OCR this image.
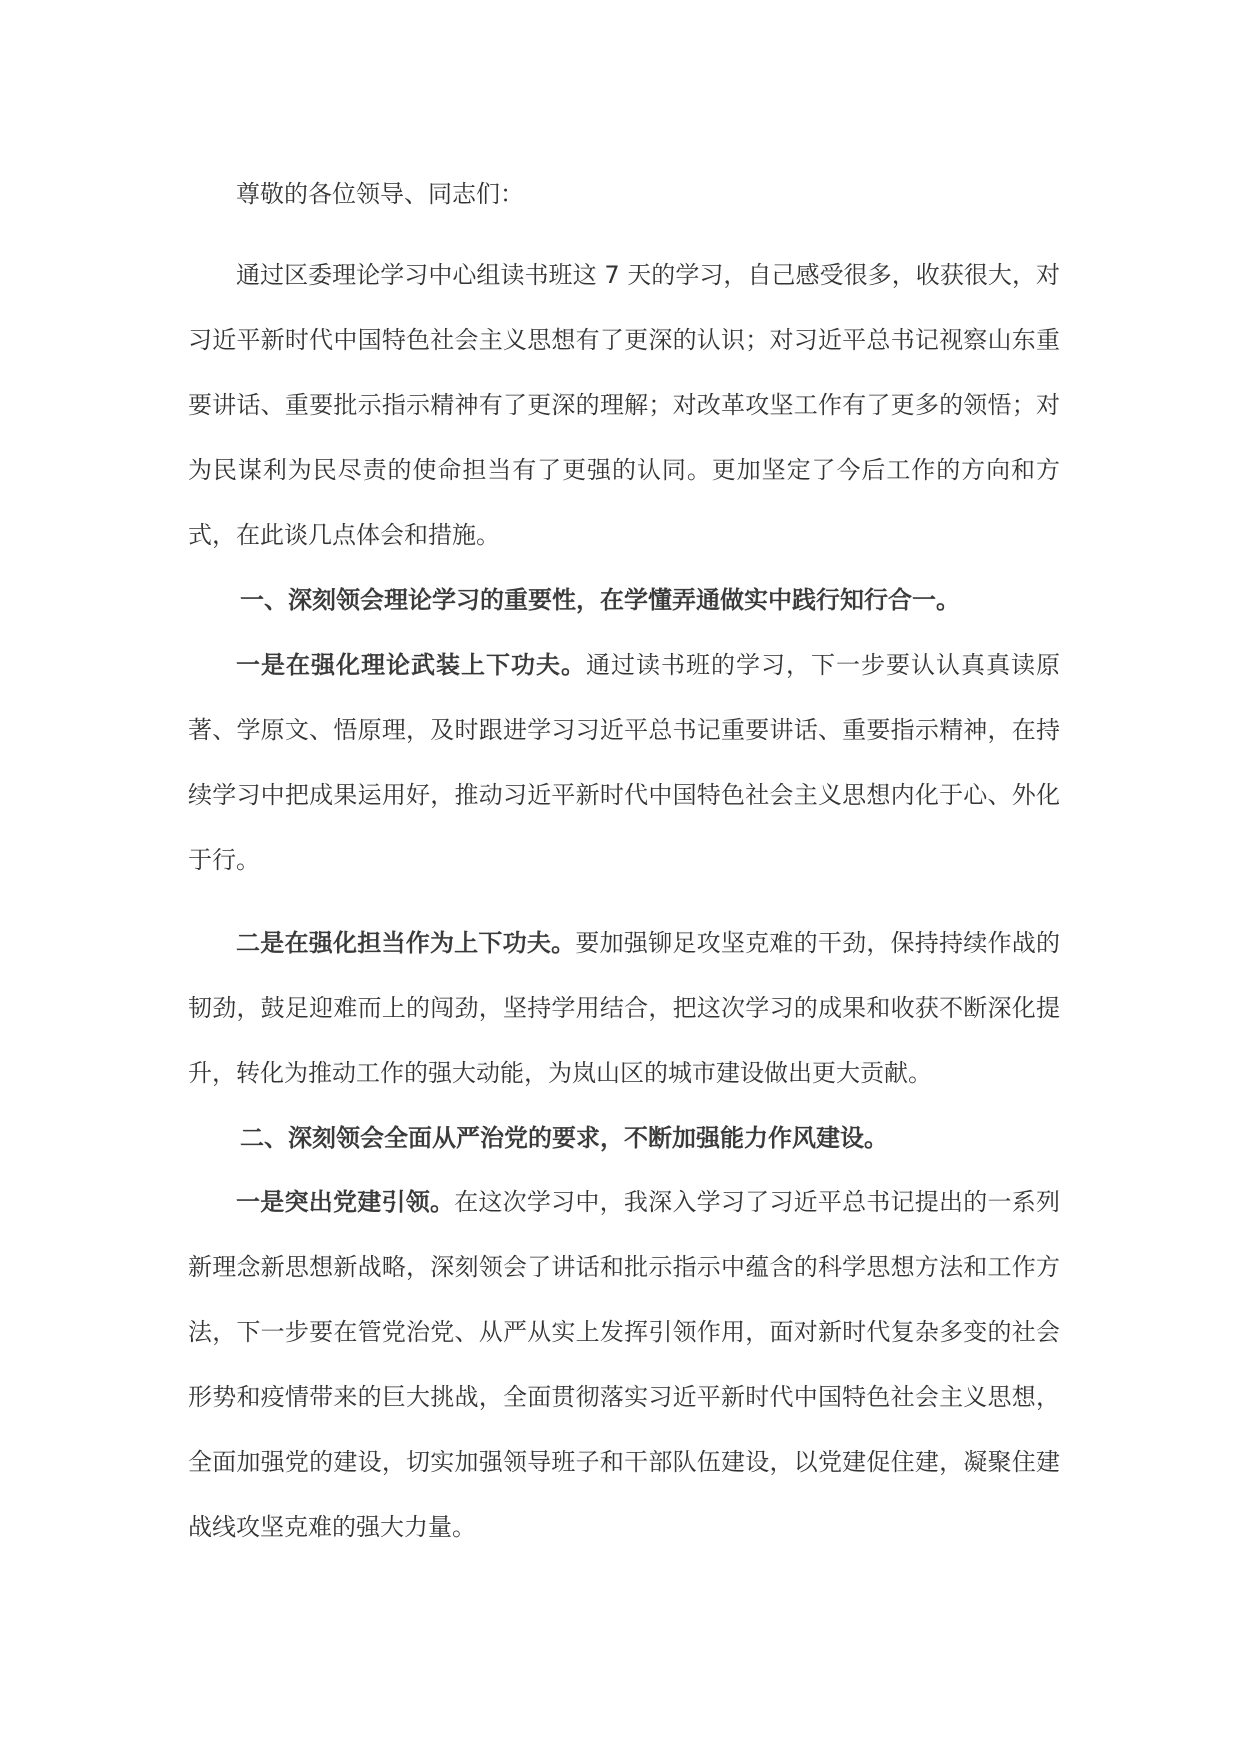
尊敬的各位领导、同志们：

通过区委理论学习中心组读书班这 7 天的学习，自己感受很多，收获很大，对习近平新时代中国特色社会主义思想有了更深的认识；对习近平总书记视察山东重要讲话、重要批示指示精神有了更深的理解；对改革攻坚工作有了更多的领悟；对为民谋利为民尽责的使命担当有了更强的认同。更加坚定了今后工作的方向和方式，在此谈几点体会和措施。

一、深刻领会理论学习的重要性，在学懂弄通做实中践行知行合一。

一是在强化理论武装上下功夫。通过读书班的学习，下一步要认认真真读原著、学原文、悟原理，及时跟进学习习近平总书记重要讲话、重要指示精神，在持续学习中把成果运用好，推动习近平新时代中国特色社会主义思想内化于心、外化于行。

二是在强化担当作为上下功夫。要加强铆足攻坚克难的干劲，保持持续作战的韧劲，鼓足迎难而上的闯劲，坚持学用结合，把这次学习的成果和收获不断深化提升，转化为推动工作的强大动能，为岚山区的城市建设做出更大贡献。

二、深刻领会全面从严治党的要求，不断加强能力作风建设。

一是突出党建引领。在这次学习中，我深入学习了习近平总书记提出的一系列新理念新思想新战略，深刻领会了讲话和批示指示中蕴含的科学思想方法和工作方法，下一步要在管党治党、从严从实上发挥引领作用，面对新时代复杂多变的社会形势和疫情带来的巨大挑战，全面贯彻落实习近平新时代中国特色社会主义思想，全面加强党的建设，切实加强领导班子和干部队伍建设，以党建促住建，凝聚住建战线攻坚克难的强大力量。
